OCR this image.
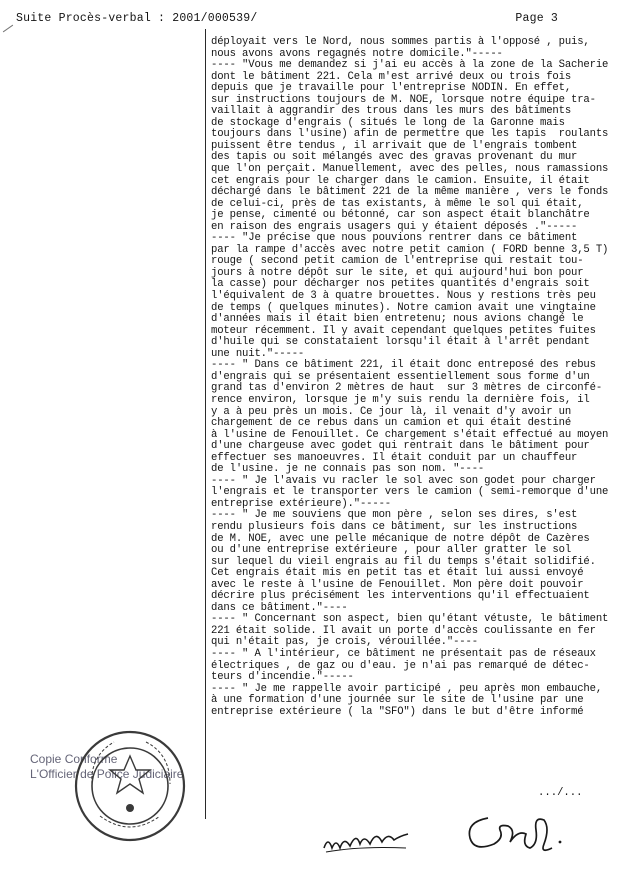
Suite Procès-verbal : 2001/000539/	Page 3
déployait vers le Nord, nous sommes partis à l'opposé , puis,
nous avons avons regagnés notre domicile."-----
---- "Vous me demandez si j'ai eu accès à la zone de la Sacherie
dont le bâtiment 221. Cela m'est arrivé deux ou trois fois
depuis que je travaille pour l'entreprise NODIN. En effet,
sur instructions toujours de M. NOE, lorsque notre équipe tra-
vaillait à aggrandir des trous dans les murs des bâtiments
de stockage d'engrais ( situés le long de la Garonne mais
toujours dans l'usine) afin de permettre que les tapis  roulants
puissent être tendus , il arrivait que de l'engrais tombent
des tapis ou soit mélangés avec des gravas provenant du mur
que l'on perçait. Manuellement, avec des pelles, nous ramassions
cet engrais pour le charger dans le camion. Ensuite, il était
déchargé dans le bâtiment 221 de la même manière , vers le fonds
de celui-ci, près de tas existants, à même le sol qui était,
je pense, cimenté ou bétonné, car son aspect était blanchâtre
en raison des engrais usagers qui y étaient déposés ."-----
---- "Je précise que nous pouvions rentrer dans ce bâtiment
par la rampe d'accès avec notre petit camion ( FORD benne 3,5 T)
rouge ( second petit camion de l'entreprise qui restait tou-
jours à notre dépôt sur le site, et qui aujourd'hui bon pour
la casse) pour décharger nos petites quantités d'engrais soit
l'équivalent de 3 à quatre brouettes. Nous y restions très peu
de temps ( quelques minutes). Notre camion avait une vingtaine
d'années mais il était bien entretenu; nous avions changé le
moteur récemment. Il y avait cependant quelques petites fuites
d'huile qui se constataient lorsqu'il était à l'arrêt pendant
une nuit."-----
---- " Dans ce bâtiment 221, il était donc entreposé des rebus
d'engrais qui se présentaient essentiellement sous forme d'un
grand tas d'environ 2 mètres de haut  sur 3 mètres de circonfé-
rence environ, lorsque je m'y suis rendu la dernière fois, il
y a à peu près un mois. Ce jour là, il venait d'y avoir un
chargement de ce rebus dans un camion et qui était destiné
à l'usine de Fenouillet. Ce chargement s'était effectué au moyen
d'une chargeuse avec godet qui rentrait dans le bâtiment pour
effectuer ses manoeuvres. Il était conduit par un chauffeur
de l'usine. je ne connais pas son nom. "----
---- " Je l'avais vu racler le sol avec son godet pour charger
l'engrais et le transporter vers le camion ( semi-remorque d'une
entreprise extérieure)."-----
---- " Je me souviens que mon père , selon ses dires, s'est
rendu plusieurs fois dans ce bâtiment, sur les instructions
de M. NOE, avec une pelle mécanique de notre dépôt de Cazères
ou d'une entreprise extérieure , pour aller gratter le sol
sur lequel du vieil engrais au fil du temps s'était solidifié.
Cet engrais était mis en petit tas et était lui aussi envoyé
avec le reste à l'usine de Fenouillet. Mon père doit pouvoir
décrire plus précisément les interventions qu'il effectuaient
dans ce bâtiment."----
---- " Concernant son aspect, bien qu'étant vétuste, le bâtiment
221 était solide. Il avait un porte d'accès coulissante en fer
qui n'était pas, je crois, vérouillée."----
---- " A l'intérieur, ce bâtiment ne présentait pas de réseaux
électriques , de gaz ou d'eau. je n'ai pas remarqué de détec-
teurs d'incendie."-----
---- " Je me rappelle avoir participé , peu après mon embauche,
à une formation d'une journée sur le site de l'usine par une
entreprise extérieure ( la "SFO") dans le but d'être informé
.../...
Copie Conforme
L'Officier de Police Judiciaire
